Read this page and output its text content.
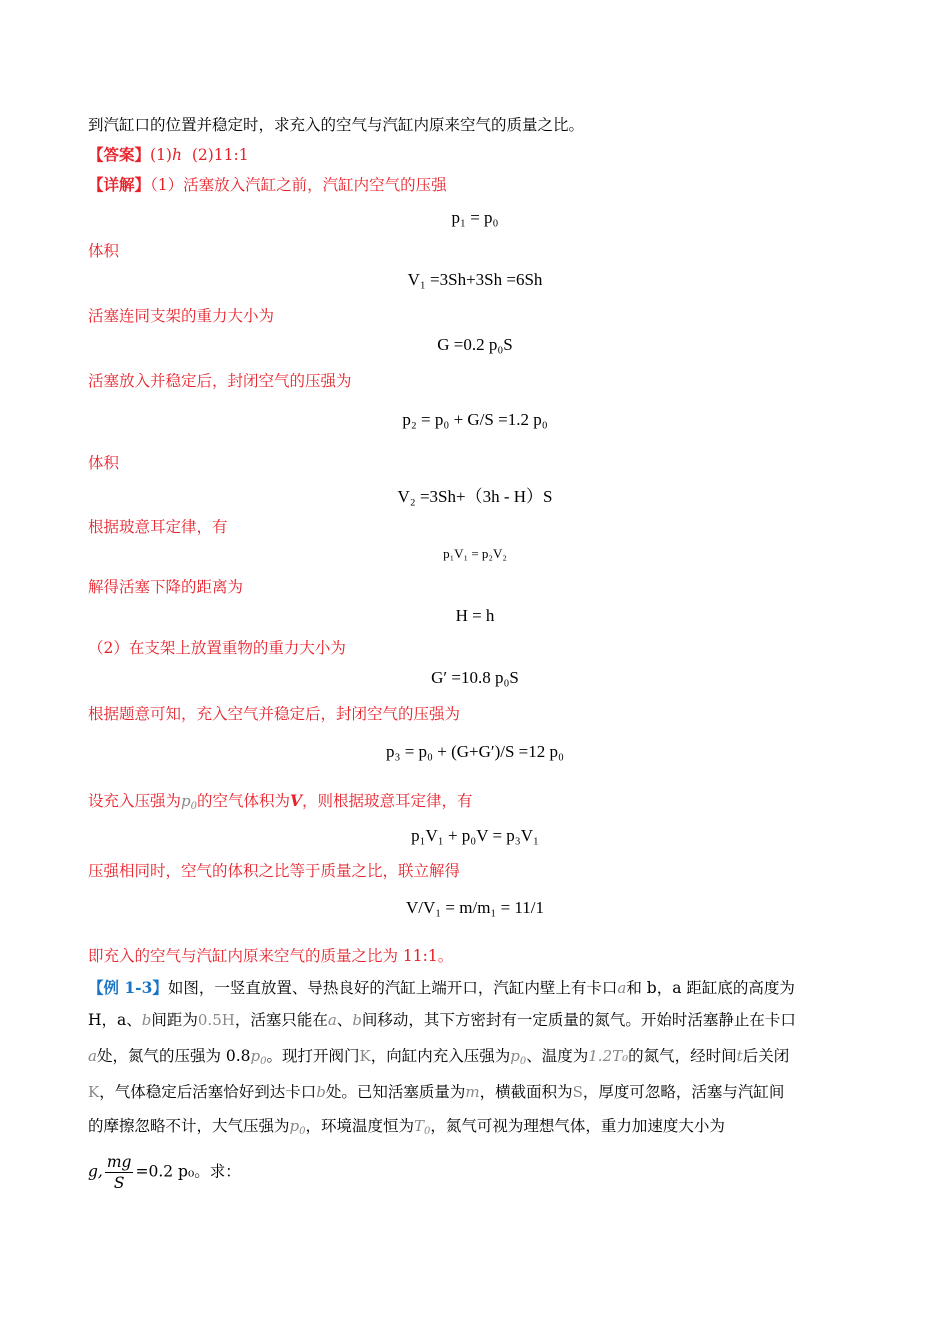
到汽缸口的位置并稳定时，求充入的空气与汽缸内原来空气的质量之比。
【答案】(1)h (2)11:1
【详解】（1）活塞放入汽缸之前，汽缸内空气的压强
p₁ = p₀
体积
V₁ =3Sh+3Sh =6Sh
活塞连同支架的重力大小为
G =0.2 p₀S
活塞放入并稳定后，封闭空气的压强为
p₂ = p₀ + G/S =1.2 p₀
体积
V₂ =3Sh+（3h - H）S
根据玻意耳定律，有
p₁V₁ = p₂V₂
解得活塞下降的距离为
H = h
（2）在支架上放置重物的重力大小为
G′ =10.8 p₀S
根据题意可知，充入空气并稳定后，封闭空气的压强为
p₃ = p₀ + (G+G′)/S =12 p₀
设充入压强为$p_0$的空气体积为V，则根据玻意耳定律，有
p₁V₁ + p₀V = p₃V₁
压强相同时，空气的体积之比等于质量之比，联立解得
V/V₁ = m/m₁ = 11/1
即充入的空气与汽缸内原来空气的质量之比为 11:1。
【例 1-3】如图，一竖直放置、导热良好的汽缸上端开口，汽缸内壁上有卡口a和 b，a 距缸底的高度为
H，a、b间距为0.5H，活塞只能在a、b间移动，其下方密封有一定质量的氮气。开始时活塞静止在卡口
a处，氮气的压强为 $0.8p_0$。现打开阀门K，向缸内充入压强为$p_0$、温度为1.2T₀的氮气，经时间t后关闭
K，气体稳定后活塞恰好到达卡口b处。已知活塞质量为m，横截面积为S，厚度可忽略，活塞与汽缸间
的摩擦忽略不计，大气压强为$p_0$，环境温度恒为$T_0$，氮气可视为理想气体，重力加速度大小为
g, $\frac{mg}{S} =0.2$ p₀。求：
